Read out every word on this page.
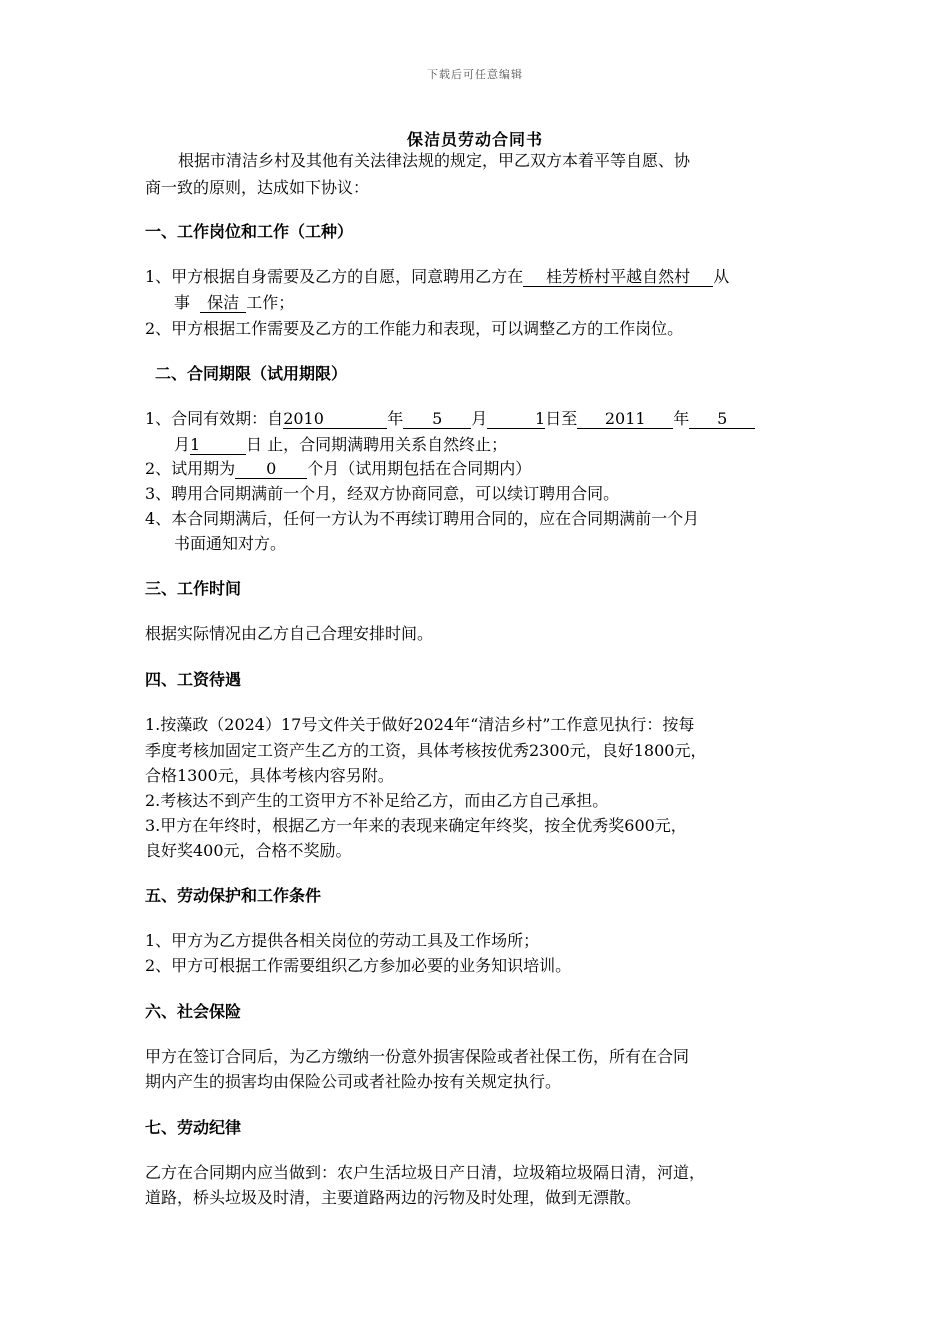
下载后可任意编辑
保洁员劳动合同书
根据市清洁乡村及其他有关法律法规的规定，甲乙双方本着平等自愿、协
商一致的原则，达成如下协议：
一、工作岗位和工作（工种）
1、甲方根据自身需要及乙方的自愿，同意聘用乙方在 桂芳桥村平越自然村 从
事 保洁 工作；
2、甲方根据工作需要及乙方的工作能力和表现，可以调整乙方的工作岗位。
二、合同期限（试用期限）
1、合同有效期：自2010	年 5 月	1日至 2011 年 5
月1	日 止，合同期满聘用关系自然终止；
2、试用期为 0 个月（试用期包括在合同期内）
3、聘用合同期满前一个月，经双方协商同意，可以续订聘用合同。
4、本合同期满后，任何一方认为不再续订聘用合同的，应在合同期满前一个月
书面通知对方。
三、工作时间
根据实际情况由乙方自己合理安排时间。
四、工资待遇
1.按藻政（2024）17号文件关于做好2024年“清洁乡村”工作意见执行：按每
季度考核加固定工资产生乙方的工资，具体考核按优秀2300元，良好1800元，
合格1300元，具体考核内容另附。
2.考核达不到产生的工资甲方不补足给乙方，而由乙方自己承担。
3.甲方在年终时，根据乙方一年来的表现来确定年终奖，按全优秀奖600元，
良好奖400元，合格不奖励。
五、劳动保护和工作条件
1、甲方为乙方提供各相关岗位的劳动工具及工作场所；
2、甲方可根据工作需要组织乙方参加必要的业务知识培训。
六、社会保险
甲方在签订合同后，为乙方缴纳一份意外损害保险或者社保工伤，所有在合同
期内产生的损害均由保险公司或者社险办按有关规定执行。
七、劳动纪律
乙方在合同期内应当做到：农户生活垃圾日产日清，垃圾箱垃圾隔日清，河道，
道路，桥头垃圾及时清，主要道路两边的污物及时处理，做到无漂散。
